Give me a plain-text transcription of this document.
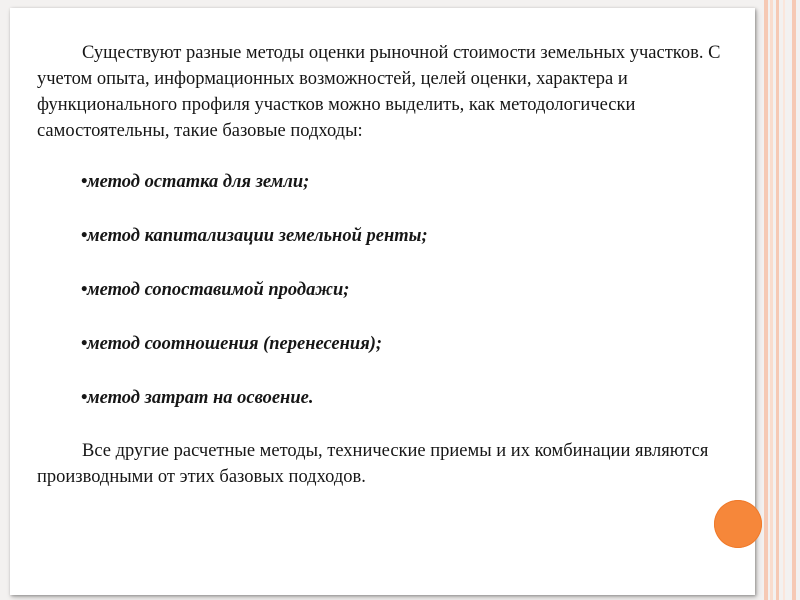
Существуют разные методы оценки рыночной стоимости земельных участков. С учетом опыта, информационных возможностей, целей оценки, характера и функционального профиля участков можно выделить, как методологически самостоятельны, такие базовые подходы:

•метод остатка для земли;
•метод капитализации земельной ренты;
•метод сопоставимой продажи;
•метод соотношения (перенесения);
•метод затрат на освоение.

Все другие расчетные методы, технические приемы и их комбинации являются производными от этих базовых подходов.
